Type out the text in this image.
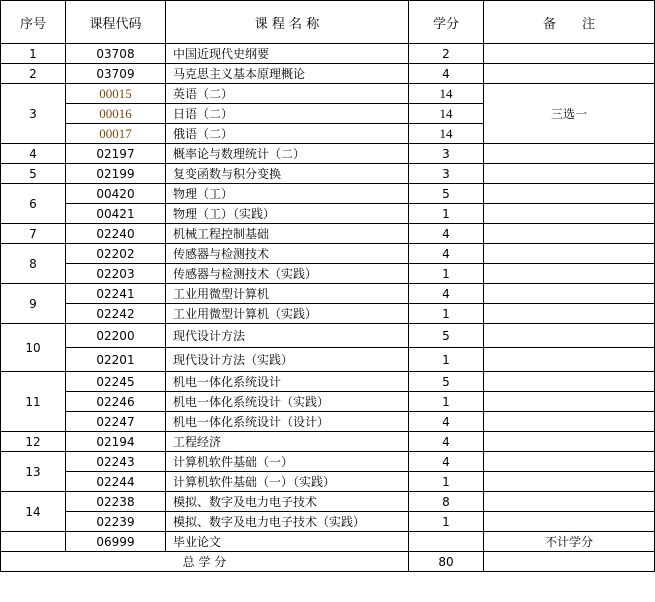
序号	课程代码	课 程 名 称	学分	备　　注
1	03708	中国近现代史纲要	2	
2	03709	马克思主义基本原理概论	4	
3	00015	英语（二）	14	三选一
	00016	日语（二）	14	
	00017	俄语（二）	14	
4	02197	概率论与数理统计（二）	3	
5	02199	复变函数与积分变换	3	
6	00420	物理（工）	5	
	00421	物理（工）（实践）	1	
7	02240	机械工程控制基础	4	
8	02202	传感器与检测技术	4	
	02203	传感器与检测技术（实践）	1	
9	02241	工业用微型计算机	4	
	02242	工业用微型计算机（实践）	1	
10	02200	现代设计方法	5	
	02201	现代设计方法（实践）	1	
11	02245	机电一体化系统设计	5	
	02246	机电一体化系统设计（实践）	1	
	02247	机电一体化系统设计（设计）	4	
12	02194	工程经济	4	
13	02243	计算机软件基础（一）	4	
	02244	计算机软件基础（一）（实践）	1	
14	02238	模拟、数字及电力电子技术	8	
	02239	模拟、数字及电力电子技术（实践）	1	
	06999	毕业论文		不计学分
总 学 分			80	
